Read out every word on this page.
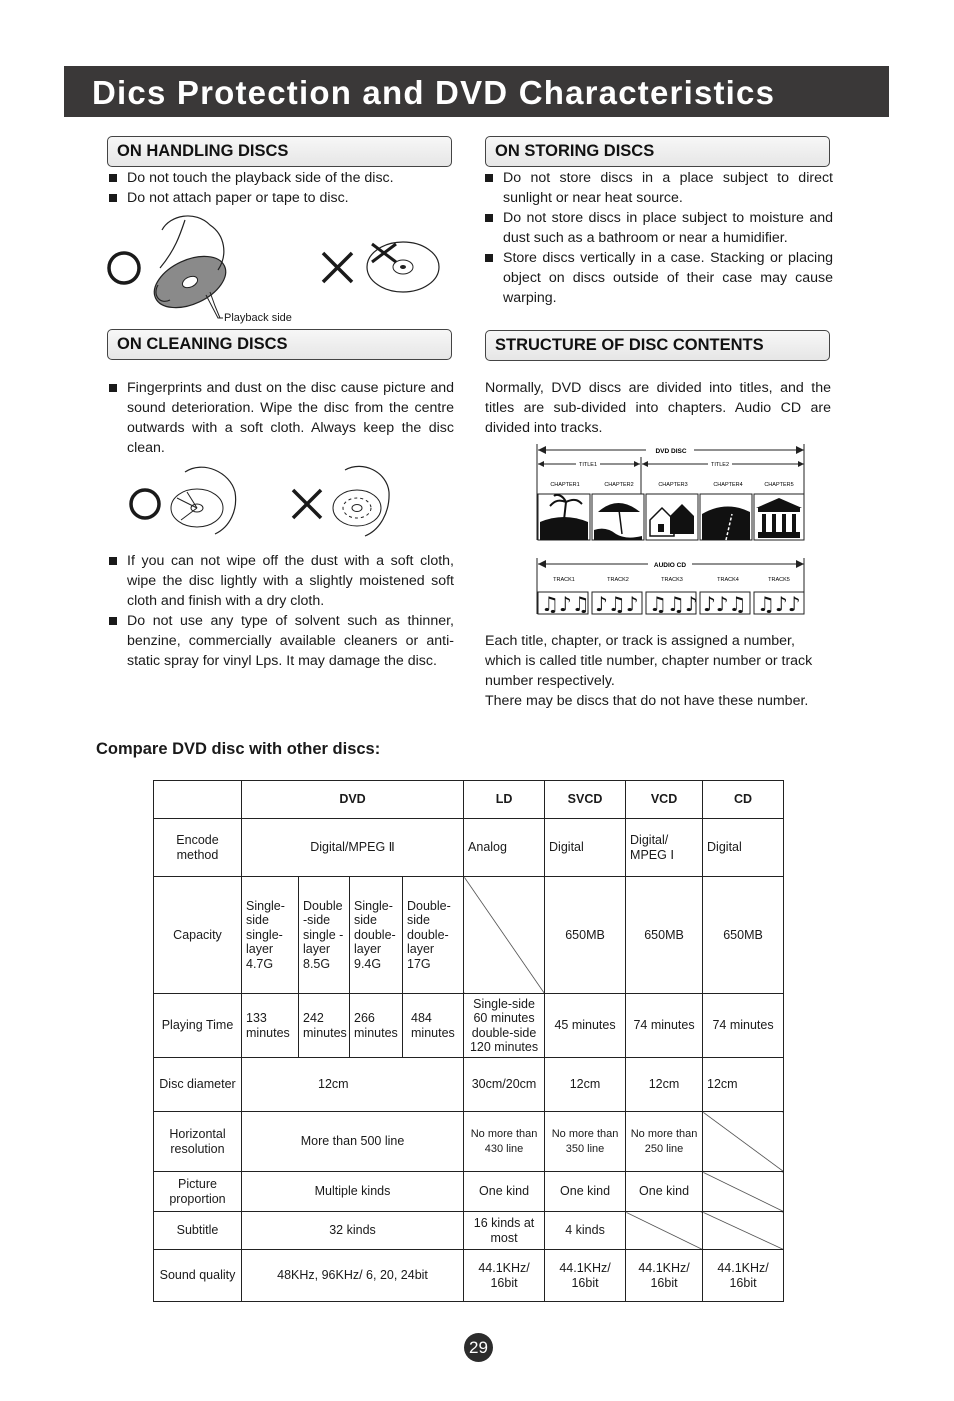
Dics Protection and DVD Characteristics
ON HANDLING DISCS
Do not touch the playback side of the disc.
Do not attach paper or tape to disc.
Playback side
ON STORING DISCS
Do not store discs in a place subject to direct sunlight or near heat source.
Do not store discs in place subject to moisture and dust such as a bathroom or near a humidifier.
Store discs vertically in a case. Stacking or placing object on discs outside of their case may cause warping.
ON CLEANING DISCS
Fingerprints and dust on the disc cause picture and sound deterioration. Wipe the disc from the centre outwards with a soft cloth. Always keep the disc clean.
If you can not wipe off the dust with a soft cloth, wipe the disc lightly with a slightly moistened soft cloth and finish with a dry cloth.
Do not use any type of solvent such as thinner, benzine, commercially available cleaners or anti-static spray for vinyl Lps. It may damage the disc.
STRUCTURE OF DISC CONTENTS
Normally, DVD discs are divided into titles, and the titles are sub-divided into chapters. Audio CD are divided into tracks.
DVD DISC
TITLE1	TITLE2
CHAPTER1	CHAPTER2	CHAPTER3	CHAPTER4	CHAPTER5
AUDIO CD
TRACK1	TRACK2	TRACK3	TRACK4	TRACK5
♫♪♫ ♪♫♪ ♫♫♪ ♪♪♫ ♫♪♪
Each title, chapter, or track is assigned a number, which is called title number, chapter number or track number respectively.
There may be discs that do not have these number.
Compare DVD disc with other discs:
	DVD				LD	SVCD	VCD	CD
Encode method	Digital/MPEG Ⅱ				Analog	Digital	Digital/ MPEG Ⅰ	Digital
Capacity	Single-side single-layer 4.7G	Double -side single -layer 8.5G	Single-side double-layer 9.4G	Double-side double-layer 17G		650MB	650MB	650MB
Playing Time	133 minutes	242 minutes	266 minutes	484 minutes	Single-side 60 minutes double-side 120 minutes	45 minutes	74 minutes	74 minutes
Disc diameter	12cm				30cm/20cm	12cm	12cm	12cm
Horizontal resolution	More than 500 line				No more than 430 line	No more than 350 line	No more than 250 line	
Picture proportion	Multiple kinds				One kind	One kind	One kind	
Subtitle	32 kinds				16 kinds at most	4 kinds		
Sound quality	48KHz, 96KHz/ 6, 20, 24bit				44.1KHz/ 16bit	44.1KHz/ 16bit	44.1KHz/ 16bit	44.1KHz/ 16bit
29
